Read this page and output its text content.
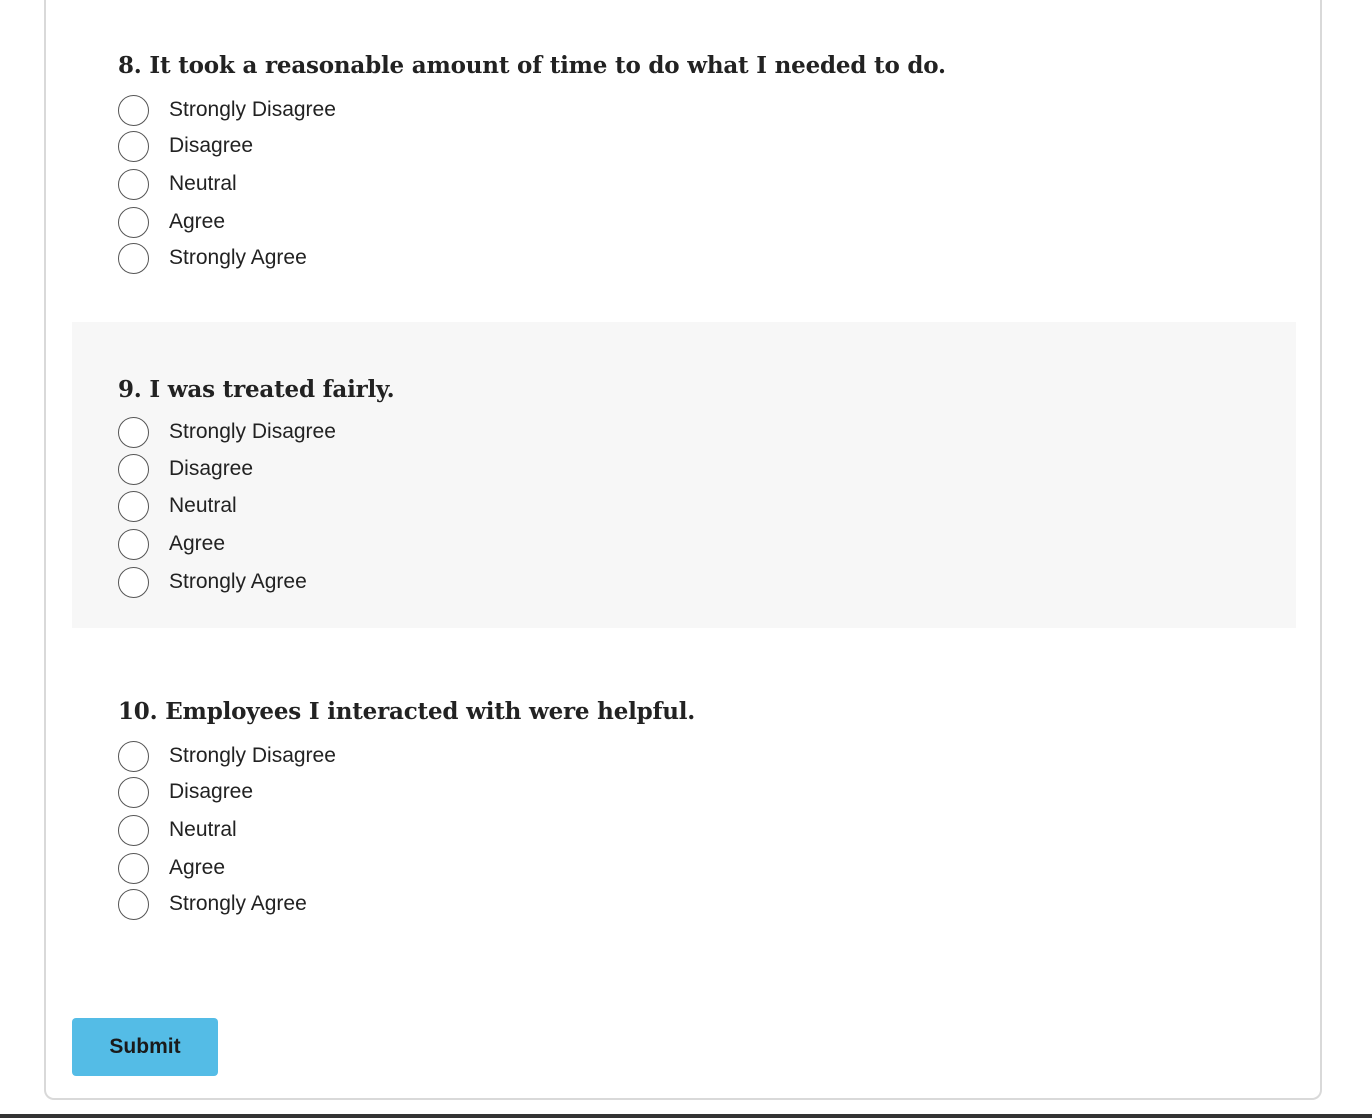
8. It took a reasonable amount of time to do what I needed to do.
Strongly Disagree
Disagree
Neutral
Agree
Strongly Agree
9. I was treated fairly.
Strongly Disagree
Disagree
Neutral
Agree
Strongly Agree
10. Employees I interacted with were helpful.
Strongly Disagree
Disagree
Neutral
Agree
Strongly Agree
Submit
